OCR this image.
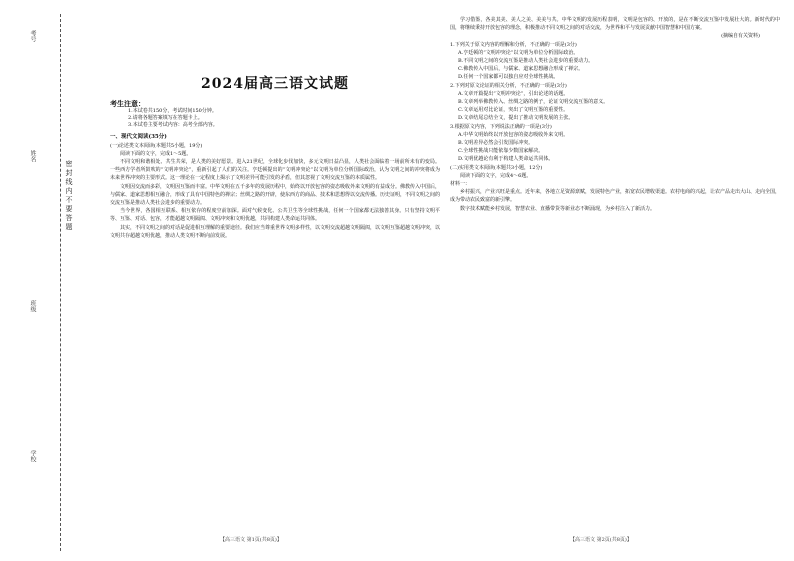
密封线内不要答题
考号
姓名
班级
学校
2024届高三语文试题
考生注意：
1.本试卷共150分，考试时间150分钟。
2.请将各题答案填写在答题卡上。
3.本试卷主要考试内容：高考全部内容。
一、现代文阅读(35分)
(一)论述类文本阅读(本题共5小题，19分)

阅读下面的文字，完成1～5题。

不同文明和谐相处、共生共荣，是人类的美好愿景。进入21世纪，全球化步伐加快，多元文明日益凸显，人类社会面临着一场前所未有的变局。一些西方学者所鼓吹的“文明冲突论”，重新引起了人们的关注。亨廷顿提出的“文明冲突论”以文明为单位分析国际政治，认为文明之间的冲突将成为未来世界冲突的主要形式。这一理论在一定程度上揭示了文明差异可能引发的矛盾，但其忽视了文明交流互鉴的本质属性。

文明因交流而多彩，文明因互鉴而丰富。中华文明在五千多年的发展历程中，始终以开放包容的姿态吸收外来文明的有益成分。佛教传入中国后，与儒家、道家思想相互融合，形成了具有中国特色的禅宗；丝绸之路的开辟，使东西方的商品、技术和思想得以交流传播。历史证明，不同文明之间的交流互鉴是推动人类社会进步的重要动力。

当今世界，各国相互联系、相互依存的程度空前加深。面对气候变化、公共卫生等全球性挑战，任何一个国家都无法独善其身。只有坚持文明平等、互鉴、对话、包容，才能超越文明隔阂、文明冲突和文明优越，共同构建人类命运共同体。

其实，不同文明之间的对话是促进相互理解的重要途径。我们应当尊重世界文明多样性，以文明交流超越文明隔阂，以文明互鉴超越文明冲突，以文明共存超越文明优越，推动人类文明不断向前发展。

学习借鉴，各美其美、美人之美、美美与共。中华文明的发展历程表明，文明是包容的、开放的，是在不断交流互鉴中发展壮大的。新时代的中国，将继续秉持开放包容的理念，积极推动不同文明之间的对话交流，为世界和平与发展贡献中国智慧和中国方案。

(摘编自有关资料)
1.下列关于原文内容的理解和分析，不正确的一项是(3分)
A.亨廷顿的“文明冲突论”以文明为单位分析国际政治。
B.不同文明之间的交流互鉴是推动人类社会进步的重要动力。
C.佛教传入中国后，与儒家、道家思想融合形成了禅宗。
D.任何一个国家都可以独自应对全球性挑战。
2.下列对原文论证的相关分析，不正确的一项是(3分)
A.文章开篇提出“文明冲突论”，引出论述的话题。
B.文章列举佛教传入、丝绸之路的例子，论证文明交流互鉴的意义。
C.文章运用对比论证，突出了文明互鉴的重要性。
D.文章结尾总结全文，提出了推动文明发展的主张。
3.根据原文内容，下列说法正确的一项是(3分)
A.中华文明始终以开放包容的姿态吸收外来文明。
B.文明差异必然会引发国际冲突。
C.全球性挑战只能依靠少数国家解决。
D.文明优越论有利于构建人类命运共同体。
(二)实用类文本阅读(本题共3小题，12分)

阅读下面的文字，完成4～6题。

材料一：

乡村振兴，产业兴旺是重点。近年来，各地立足资源禀赋，发展特色产业，拓宽农民增收渠道。农村电商的兴起，让农产品走出大山、走向全国，成为带动农民致富的新引擎。

数字技术赋能乡村发展，智慧农业、直播带货等新业态不断涌现，为乡村注入了新活力。

【高三语文 第1页(共8页)】	【高三语文 第2页(共8页)】
